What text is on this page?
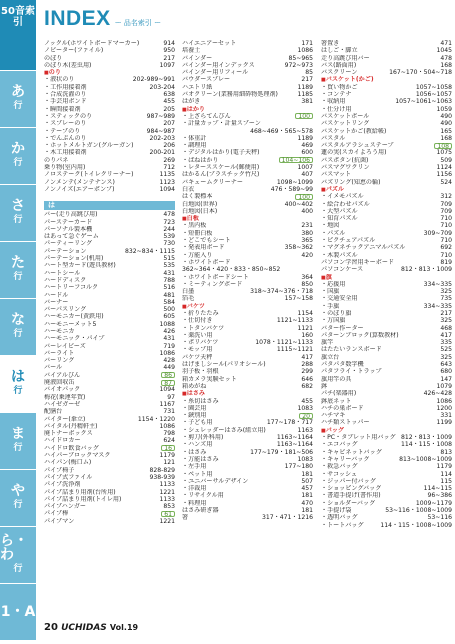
50音索引
あ
行
か
行
さ
行
た
行
な
行
は
行
ま
行
や
行
ら・わ
行
1・A
INDEX ー 品名索引 ー
ノックル(ホワイトボードマーカー)	914
ノビーター(ファイル)	950
のぼり	217
のぼり木(差虫用)	1097
■ のり
・ 液状のり	202-989~991
・ 工作用接着剤	203-204
・ 合成洗濯のり	638
・ 手芸用ボンド	455
・ 瞬間接着剤	205
・ スティックのり	987~989
・ スプレーのり	207
・ テープのり	984~987
・ でんぷんのり	202-203
・ ホットメルトガン(グルーガン)	206
・ 木工用接着剤	200-201
のりパネ	269
乗り物(室内用)	712
ノロステーク(トイレクリーナー)	1135
ノンメンテ(メンテナンス)	1123
ノンノイズ(エアーポンプ)	1094
は
バー(走り高跳び用)	478
パーステーカード	723
パーソナル製本機	244
はあって急ぐゲーム	539
パーティーリング	730
パーテーション	832~834・1115
パーテーション(机用)	515
ハート型カード(遊具教材)	535
ハートシール	431
ハードディスク	788
ハートリーフコルク	516
ハードル	481
バーナー	584
バーパスリング	500
ハーモニカー(黄鉄用)	605
ハーモニーメット5	1088
ハーモニカ	426
ハーモニック・パイプ	431
バーレイビーズ	719
バーライト	1086
バーリング	428
バール	449
バイアルびん	86
廃液回収缶	87
バイオパック	1094
梅花(乗連年賀)	97
ハイゼガーゼ	1167
配膳台	731
バイター(傘立)	1154・1220
バイタル(丹精軒主)	1086
廃トナーボックス	798
ハイドロカー	624
ハイドロ飲食バッグ	16
ハイパーブロックマスク	1179
ハイパン(梅口ム)	121
パイプ椅子	828-829
パイプ式ファイル	938-939
パイプ洗浄剤	1133
パイプ詰まり用剤(台所用)	1221
パイプ詰まり用剤(トイレ用)	1133
パイプハンガー	853
パイプ棒	61
パイプマン	1221
ハイエニアーセット	171
培養土	1086
バインダー	85~965
バインダー用インデックス	972~973
バインダー用リフィール	85
バウダースプレー	217
ハエトリ紙	1189
バオクリーン(業務用細砕物処理剤)	1185
はがき	381
■ はかり
・ 上ざらてんびん	100
・ 計量カップ・計量スプーン
468~469・565~578
・ 体重計	1189
・ 調理用	469
・ デジタルはかり(電子天秤)	600
・ ばねはかり	104~106
・ レターススケール(郵便用)	1007
はかるん(プラスチック竹尺)	407
バキュームクリーナー	1098~1099
白衣	476・589~99
はく製標本	100
白地図(世界)	400~402
白地図(日本)	400
■ 白板
・ 黒内板	231
・ 短冊白板	380
・ どこでもシート	365
・ 発表用ボード	358~362
・ 万能入り	420
・ ホワイトボード
362~364・420・833・850~852
・ ホワイトボードシート	364
・ ミーティングボード	850
白墨	318~374~376・718
箔毛	157~158
■ バケツ
・ 折りたたみ	1154
・ 仕切付き	1121~1133
・ トタンバケツ	1121
・ 薬洗い用	160
・ ポリバケツ	1078・1121~1133
・ モップ用	1115~1121
バケツ天秤	417
はげましシール(パリオシール)	288
羽子板・羽根	299
箱カメラ実験セット	646
箱めがね	682
■ はさみ
・ 糸切はさみ	455
・ 園芸用	1083
・ 鋏別用	20
・ 子ども用	177~178・717
・ シュレッダーはさみ(組立用)	1163
・ 剪刀(外科用)	1163~1164
・ ハンズ用	1163~1164
・ はさみ	177~179・181~506
・ 万能はさみ	1083
・ 左手用	177~180
・ ペット用	181
・ ユニバーサルデザイン	507
・ 洋裁用	457
・ リサイクル用	181
・ 料理用	470
はさみ研ぎ器	181
箸	317・471・1216
箸置き	471
はしご・脚立	1045
走り高跳び用バー	478
バス(路面用)	168
バスクリーン	167~170・504~718
■ バスケット(かご)
・ 買い物かご	1057~1058
・ コンテナ	1056~1057
・ 収納用	1057~1061~1063
・ 仕分け用	1059
バスケットボール	490
バスケットリング	490
バスケットかご(教給帳)	165
バスタル	168
バスタルアラシュステープ	108
蓮の実(スカイよろう用)	1075
バスポタン(抗菌)	509
バスマグワクリン	1124
バスマット	1156
バズリング(知恵の輪)	524
■ パズル
・ イメモパズル	312
・ 絵合わせパズル	709
・ 大型パズル	709
・ 知育パズル	710
・ 地図	710
・ パズル	309~709
・ ピクチュアパズル	710
・ マグネチックアニマルパズル	692
・ 木製パズル	710
パソコン学習用キーボード	819
パソコンケース	812・813・1009
■ 旗
・ 応援用	334~335
・ 国旗	325
・ 交通安全用	735
・ 手旗	334~335
・ のぼり旗	217
・ 万国旗	325
バター作ーター	468
パターンブロック(算数教材)	417
旗竿	335
はたたいランスボード	525
旗立台	325
パタパタ数字機	643
パタフライ・トラップ	680
旗用竿の具	147
鉢	1079
パチ(楽器用)	426~428
鉢底ネット	1086
ハチの巣ボード	1200
ハチマキ	331
ハチ類ストッパー	1199
■ バッグ
・ PC・タブレット用バッグ 812・813・1009
・ エコバッグ	114・115・1008
・ キャビネットバッグ	813
・ キャリーバッグ	813~1008~1009
・ 救急バッグ	1179
・ サコッシュ	114
・ ジッパー付バッグ	115
・ ショッピングバッグ	114~115
・ 書道手提げ(書作用)	96~386
・ ショルダーバッグ	1009~1179
・ 手提げ袋	53~116・1008~1009
・ 透明バッグ	53~116
・ トートバッグ	114・115・1008~1009
20 UCHIDAS Vol.19
